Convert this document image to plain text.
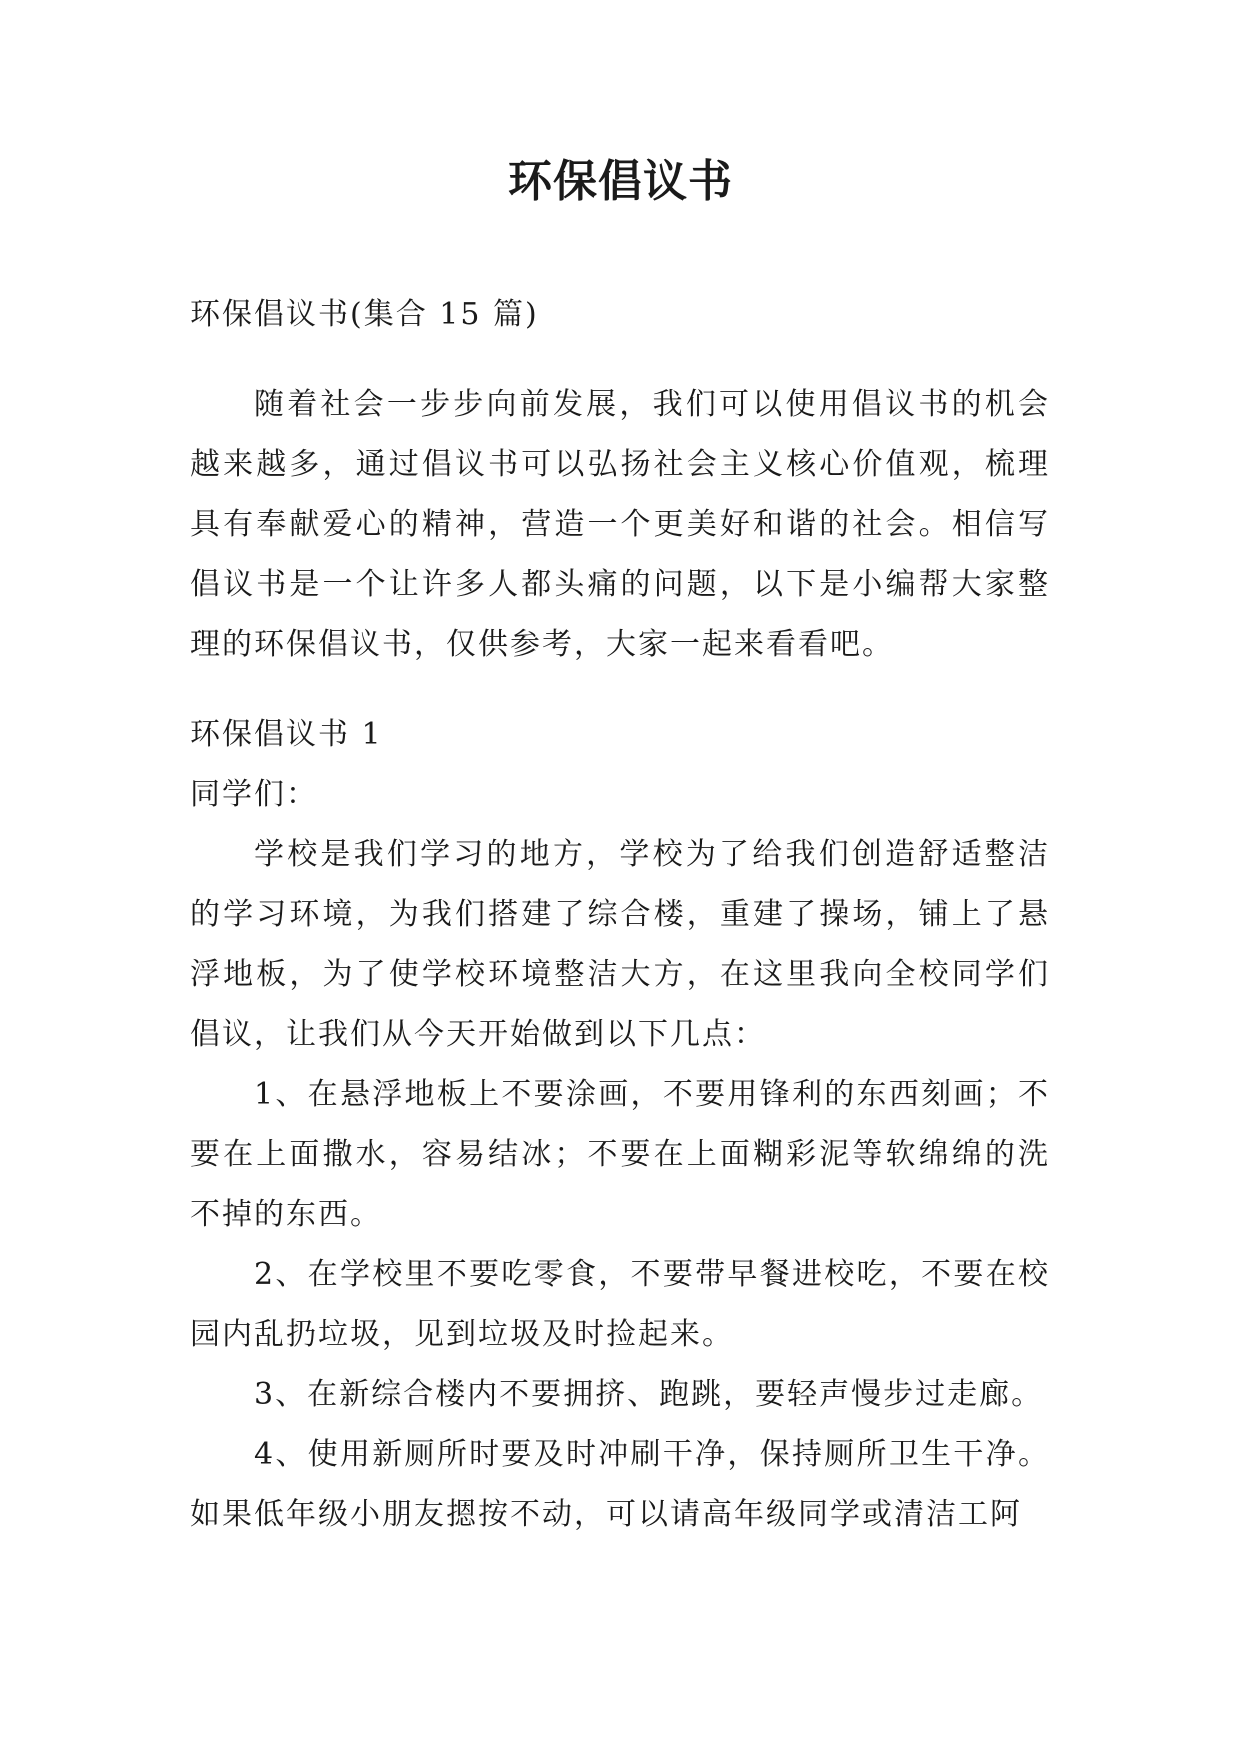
环保倡议书

环保倡议书(集合 15 篇)

随着社会一步步向前发展，我们可以使用倡议书的机会越来越多，通过倡议书可以弘扬社会主义核心价值观，梳理具有奉献爱心的精神，营造一个更美好和谐的社会。相信写倡议书是一个让许多人都头痛的问题，以下是小编帮大家整理的环保倡议书，仅供参考，大家一起来看看吧。

环保倡议书 1

同学们：

学校是我们学习的地方，学校为了给我们创造舒适整洁的学习环境，为我们搭建了综合楼，重建了操场，铺上了悬浮地板，为了使学校环境整洁大方，在这里我向全校同学们倡议，让我们从今天开始做到以下几点：

1、在悬浮地板上不要涂画，不要用锋利的东西刻画；不要在上面撒水，容易结冰；不要在上面糊彩泥等软绵绵的洗不掉的东西。

2、在学校里不要吃零食，不要带早餐进校吃，不要在校园内乱扔垃圾，见到垃圾及时捡起来。

3、在新综合楼内不要拥挤、跑跳，要轻声慢步过走廊。

4、使用新厕所时要及时冲刷干净，保持厕所卫生干净。如果低年级小朋友摁按不动，可以请高年级同学或清洁工阿
